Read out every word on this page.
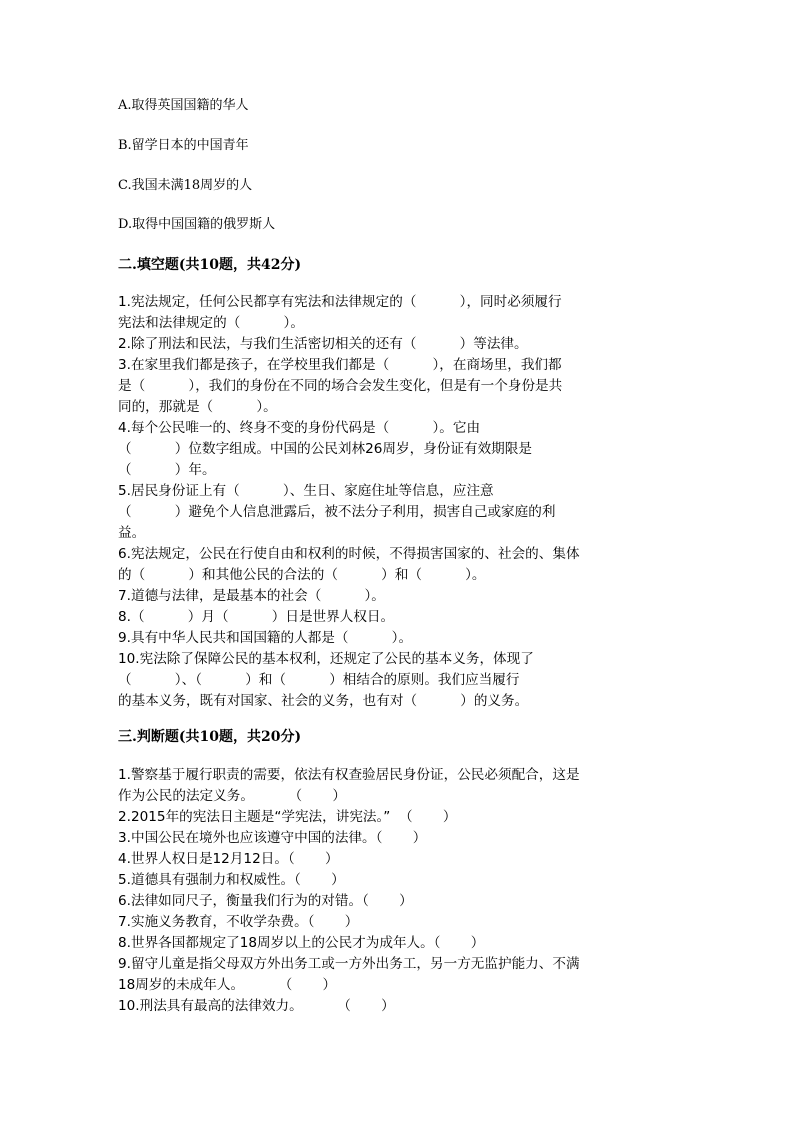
A.取得英国国籍的华人
B.留学日本的中国青年
C.我国未满18周岁的人
D.取得中国国籍的俄罗斯人
二.填空题(共10题，共42分)
1.宪法规定，任何公民都享有宪法和法律规定的（          ），同时必须履行
宪法和法律规定的（          ）。
2.除了刑法和民法，与我们生活密切相关的还有（          ）等法律。
3.在家里我们都是孩子，在学校里我们都是（          ），在商场里，我们都
是（          ），我们的身份在不同的场合会发生变化，但是有一个身份是共
同的，那就是（          ）。
4.每个公民唯一的、终身不变的身份代码是（          ）。它由
（          ）位数字组成。中国的公民刘林26周岁，身份证有效期限是
（          ）年。
5.居民身份证上有（          ）、生日、家庭住址等信息，应注意
（          ）避免个人信息泄露后，被不法分子利用，损害自己或家庭的利
益。
6.宪法规定，公民在行使自由和权利的时候，不得损害国家的、社会的、集体
的（          ）和其他公民的合法的（          ）和（          ）。
7.道德与法律，是最基本的社会（          ）。
8.（          ）月（          ）日是世界人权日。
9.具有中华人民共和国国籍的人都是（          ）。
10.宪法除了保障公民的基本权利，还规定了公民的基本义务，体现了
（          ）、（          ）和（          ）相结合的原则。我们应当履行
的基本义务，既有对国家、社会的义务，也有对（          ）的义务。
三.判断题(共10题，共20分)
1.警察基于履行职责的需要，依法有权查验居民身份证，公民必须配合，这是
作为公民的法定义务。        （       ）
2.2015年的宪法日主题是“学宪法，讲宪法。”  （       ）
3.中国公民在境外也应该遵守中国的法律。（       ）
4.世界人权日是12月12日。（       ）
5.道德具有强制力和权威性。（       ）
6.法律如同尺子，衡量我们行为的对错。（       ）
7.实施义务教育，不收学杂费。（       ）
8.世界各国都规定了18周岁以上的公民才为成年人。（       ）
9.留守儿童是指父母双方外出务工或一方外出务工，另一方无监护能力、不满
18周岁的未成年人。        （       ）
10.刑法具有最高的法律效力。        （       ）
